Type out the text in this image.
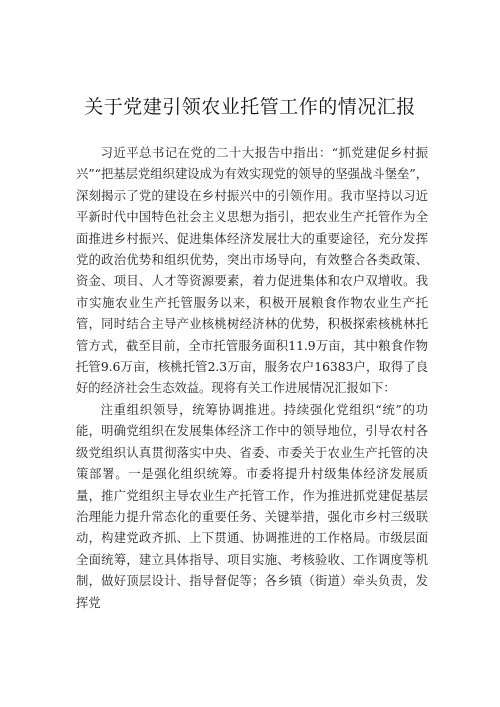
关于党建引领农业托管工作的情况汇报

习近平总书记在党的二十大报告中指出：“抓党建促乡村振兴”“把基层党组织建设成为有效实现党的领导的坚强战斗堡垒”，深刻揭示了党的建设在乡村振兴中的引领作用。我市坚持以习近平新时代中国特色社会主义思想为指引，把农业生产托管作为全面推进乡村振兴、促进集体经济发展壮大的重要途径，充分发挥党的政治优势和组织优势，突出市场导向，有效整合各类政策、资金、项目、人才等资源要素，着力促进集体和农户双增收。我市实施农业生产托管服务以来，积极开展粮食作物农业生产托管，同时结合主导产业核桃树经济林的优势，积极探索核桃林托管方式，截至目前，全市托管服务面积11.9万亩，其中粮食作物托管9.6万亩，核桃托管2.3万亩，服务农户16383户，取得了良好的经济社会生态效益。现将有关工作进展情况汇报如下：

注重组织领导，统筹协调推进。持续强化党组织“统”的功能，明确党组织在发展集体经济工作中的领导地位，引导农村各级党组织认真贯彻落实中央、省委、市委关于农业生产托管的决策部署。一是强化组织统筹。市委将提升村级集体经济发展质量，推广党组织主导农业生产托管工作，作为推进抓党建促基层治理能力提升常态化的重要任务、关键举措，强化市乡村三级联动，构建党政齐抓、上下贯通、协调推进的工作格局。市级层面全面统筹，建立具体指导、项目实施、考核验收、工作调度等机制，做好顶层设计、指导督促等；各乡镇（街道）牵头负责，发挥党
